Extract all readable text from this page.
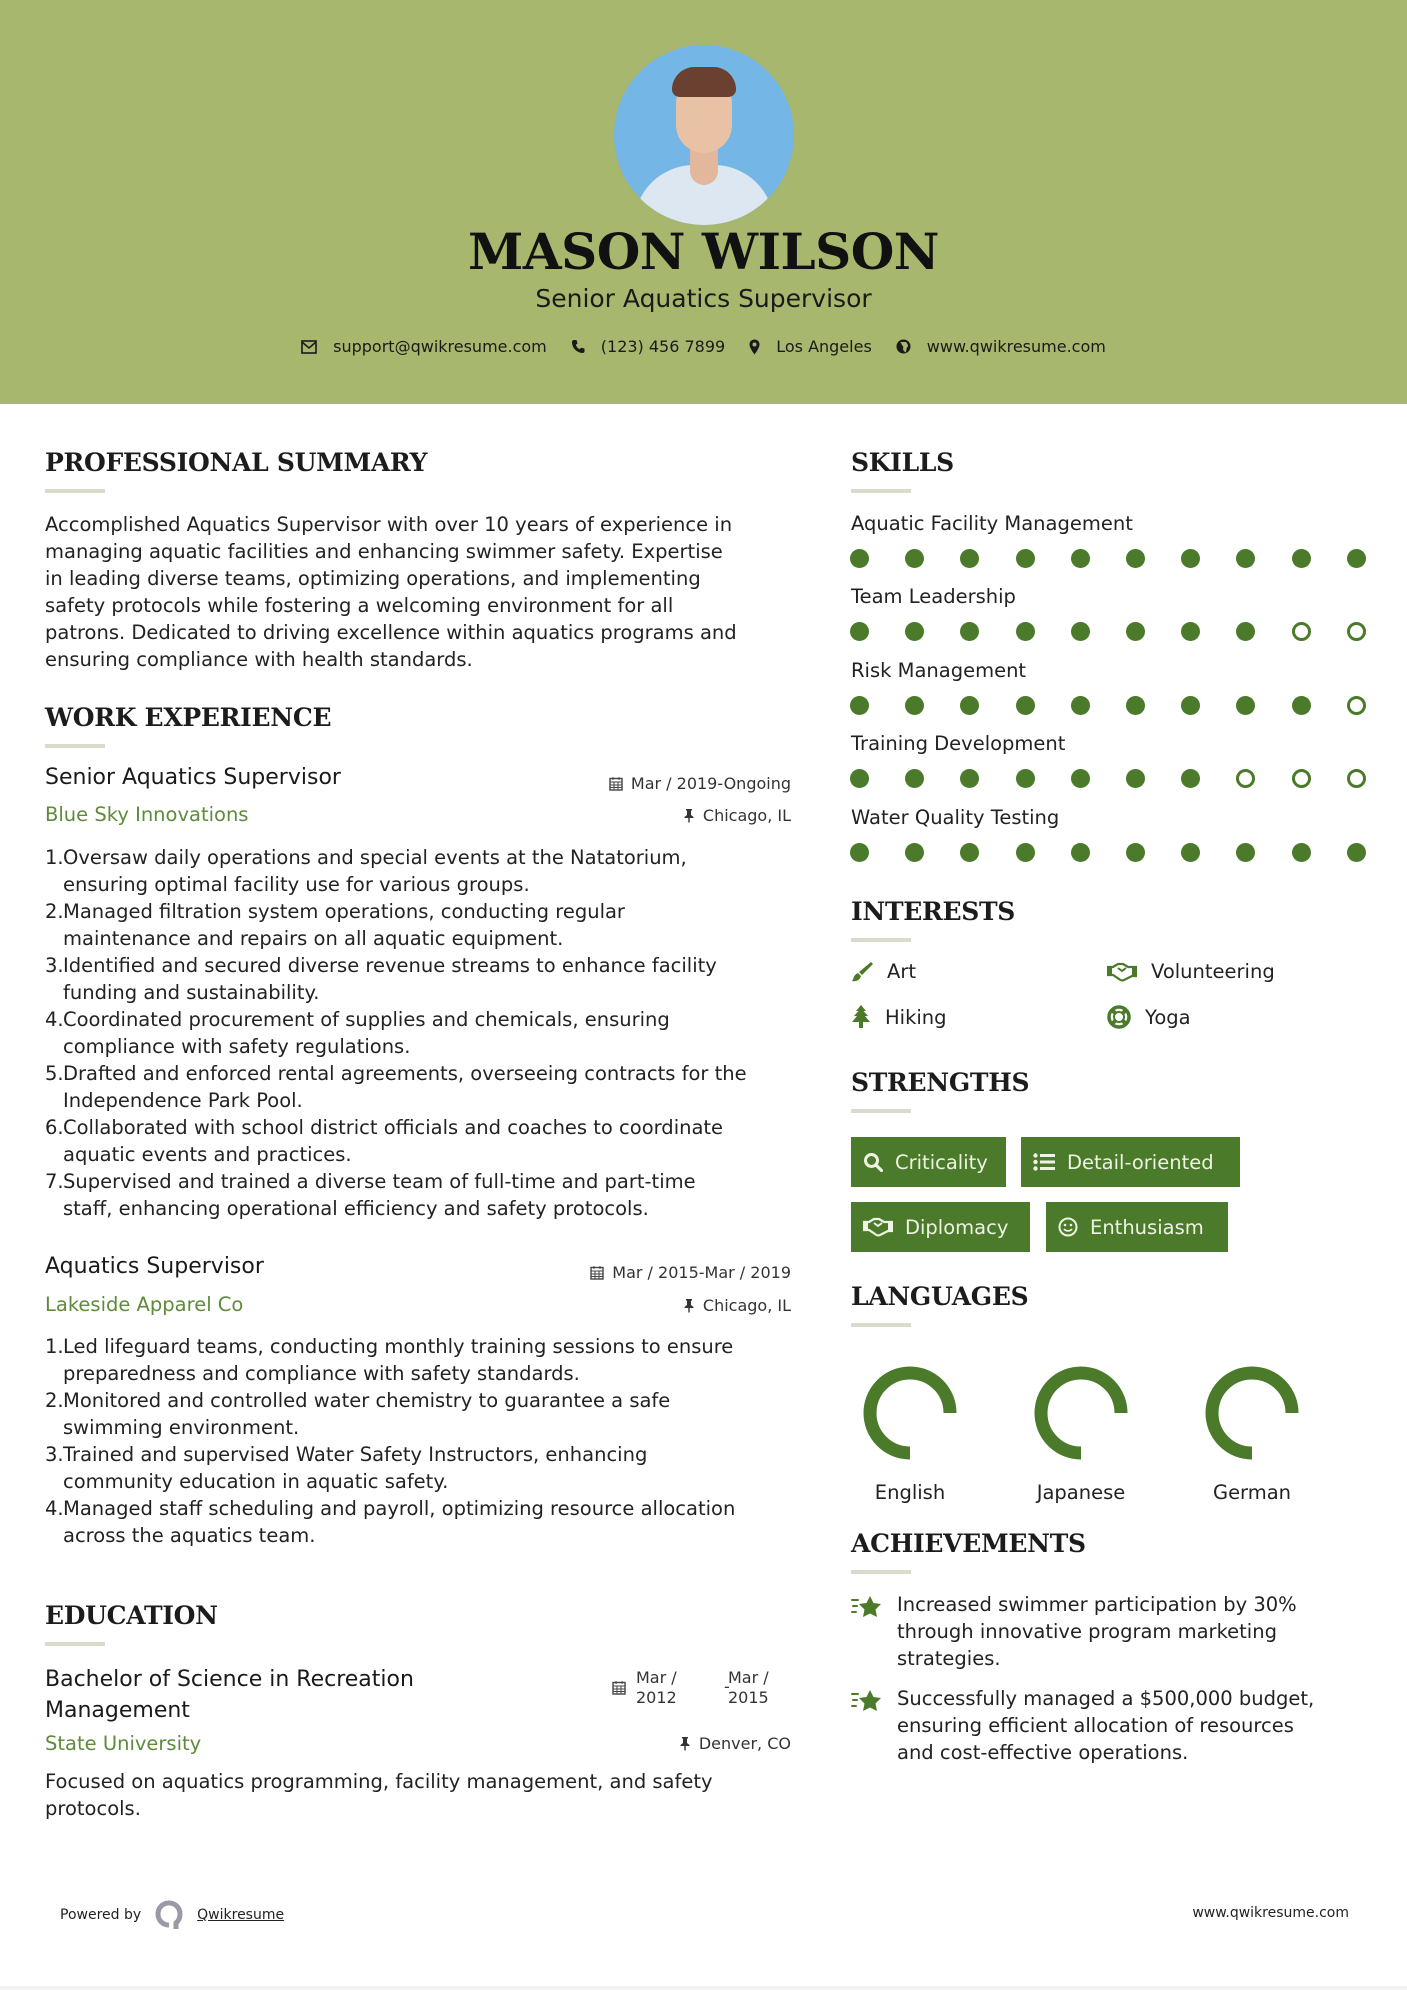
MASON WILSON
Senior Aquatics Supervisor
support@qwikresume.com	(123) 456 7899	Los Angeles	www.qwikresume.com
PROFESSIONAL SUMMARY
Accomplished Aquatics Supervisor with over 10 years of experience in
managing aquatic facilities and enhancing swimmer safety. Expertise
in leading diverse teams, optimizing operations, and implementing
safety protocols while fostering a welcoming environment for all
patrons. Dedicated to driving excellence within aquatics programs and
ensuring compliance with health standards.
WORK EXPERIENCE
Senior Aquatics Supervisor	Mar / 2019-Ongoing
Blue Sky Innovations	Chicago, IL
1. Oversaw daily operations and special events at the Natatorium,
ensuring optimal facility use for various groups.
2. Managed filtration system operations, conducting regular
maintenance and repairs on all aquatic equipment.
3. Identified and secured diverse revenue streams to enhance facility
funding and sustainability.
4. Coordinated procurement of supplies and chemicals, ensuring
compliance with safety regulations.
5. Drafted and enforced rental agreements, overseeing contracts for the
Independence Park Pool.
6. Collaborated with school district officials and coaches to coordinate
aquatic events and practices.
7. Supervised and trained a diverse team of full-time and part-time
staff, enhancing operational efficiency and safety protocols.
Aquatics Supervisor	Mar / 2015-Mar / 2019
Lakeside Apparel Co	Chicago, IL
1. Led lifeguard teams, conducting monthly training sessions to ensure
preparedness and compliance with safety standards.
2. Monitored and controlled water chemistry to guarantee a safe
swimming environment.
3. Trained and supervised Water Safety Instructors, enhancing
community education in aquatic safety.
4. Managed staff scheduling and payroll, optimizing resource allocation
across the aquatics team.
EDUCATION
Bachelor of Science in Recreation
Management
Mar /
2012
-
Mar /
2015
State University	Denver, CO
Focused on aquatics programming, facility management, and safety
protocols.
SKILLS
Aquatic Facility Management
Team Leadership
Risk Management
Training Development
Water Quality Testing
INTERESTS
Art	Volunteering
Hiking	Yoga
STRENGTHS
Criticality	Detail-oriented
Diplomacy	Enthusiasm
LANGUAGES
English	Japanese	German
ACHIEVEMENTS
Increased swimmer participation by 30%
through innovative program marketing
strategies.
Successfully managed a $500,000 budget,
ensuring efficient allocation of resources
and cost-effective operations.
Powered by	Qwikresume	www.qwikresume.com
